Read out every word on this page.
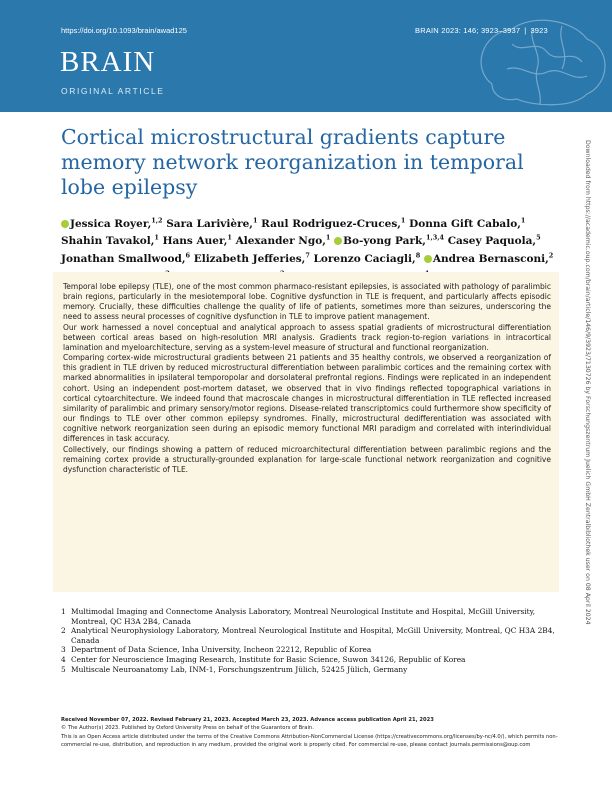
https://doi.org/10.1093/brain/awad125	BRAIN 2023: 146; 3923–3937 | 3923
BRAIN
ORIGINAL ARTICLE
Cortical microstructural gradients capture memory network reorganization in temporal lobe epilepsy
Jessica Royer,$^{1,2}$ Sara Larivière,$^1$ Raul Rodriguez-Cruces,$^1$ Donna Gift Cabalo,$^1$ Shahin Tavakol,$^1$ Hans Auer,$^1$ Alexander Ngo,$^1$ Bo-yong Park,$^{1,3,4}$ Casey Paquola,$^5$ Jonathan Smallwood,$^6$ Elizabeth Jefferies,$^7$ Lorenzo Caciagli,$^8$ Andrea Bernasconi,$^2$

Temporal lobe epilepsy (TLE), one of the most common pharmaco-resistant epilepsies, is associated with pathology of paralimbic brain regions, particularly in the mesiotemporal lobe. Cognitive dysfunction in TLE is frequent, and particularly affects episodic memory. Crucially, these difficulties challenge the quality of life of patients, sometimes more than seizures, underscoring the need to assess neural processes of cognitive dysfunction in TLE to improve patient management.

Our work harnessed a novel conceptual and analytical approach to assess spatial gradients of microstructural differentiation between cortical areas based on high-resolution MRI analysis. Gradients track region-to-region variations in intracortical lamination and myeloarchitecture, serving as a system-level measure of structural and functional reorganization.

Comparing cortex-wide microstructural gradients between 21 patients and 35 healthy controls, we observed a reorganization of this gradient in TLE driven by reduced microstructural differentiation between paralimbic cortices and the remaining cortex with marked abnormalities in ipsilateral temporopolar and dorsolateral prefrontal regions. Findings were replicated in an independent cohort. Using an independent post-mortem dataset, we observed that in vivo findings reflected topographical variations in cortical cytoarchitecture. We indeed found that macroscale changes in microstructural differentiation in TLE reflected increased similarity of paralimbic and primary sensory/motor regions. Disease-related transcriptomics could furthermore show specificity of our findings to TLE over other common epilepsy syndromes. Finally, microstructural dedifferentiation was associated with cognitive network reorganization seen during an episodic memory functional MRI paradigm and correlated with interindividual differences in task accuracy.

Collectively, our findings showing a pattern of reduced microarchitectural differentiation between paralimbic regions and the remaining cortex provide a structurally-grounded explanation for large-scale functional network reorganization and cognitive dysfunction characteristic of TLE.

1 Multimodal Imaging and Connectome Analysis Laboratory, Montreal Neurological Institute and Hospital, McGill University, Montreal, QC H3A 2B4, Canada
2 Analytical Neurophysiology Laboratory, Montreal Neurological Institute and Hospital, McGill University, Montreal, QC H3A 2B4, Canada
3 Department of Data Science, Inha University, Incheon 22212, Republic of Korea
4 Center for Neuroscience Imaging Research, Institute for Basic Science, Suwon 34126, Republic of Korea
5 Multiscale Neuroanatomy Lab, INM-1, Forschungszentrum Jülich, 52425 Jülich, Germany
Received November 07, 2022. Revised February 21, 2023. Accepted March 23, 2023. Advance access publication April 21, 2023
© The Author(s) 2023. Published by Oxford University Press on behalf of the Guarantors of Brain.
This is an Open Access article distributed under the terms of the Creative Commons Attribution-NonCommercial License (https://creativecommons.org/licenses/by-nc/4.0/), which permits non-commercial re-use, distribution, and reproduction in any medium, provided the original work is properly cited. For commercial re-use, please contact journals.permissions@oup.com
Downloaded from https://academic.oup.com/brain/article/146/9/3923/7130726 by Forschungszentrum Juelich GmbH Zentralbibliothek user on 08 April 2024
